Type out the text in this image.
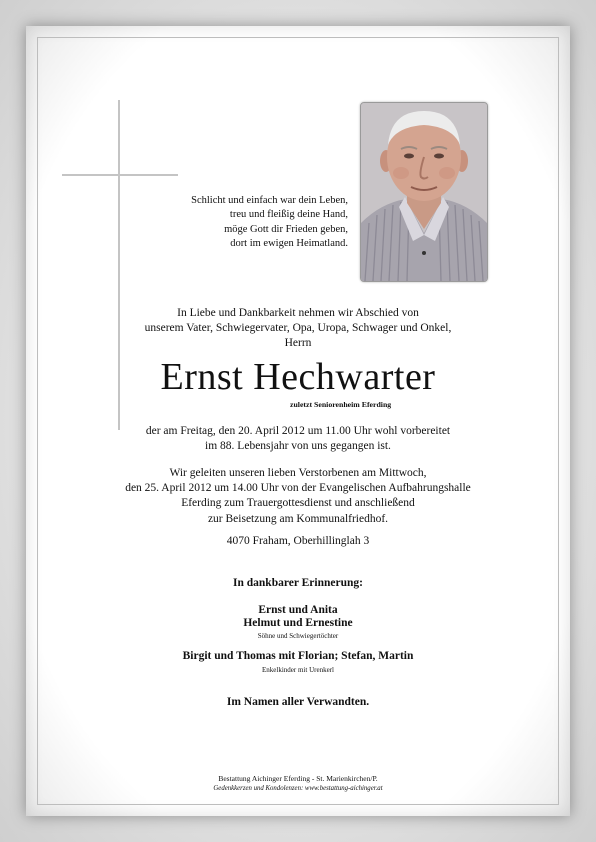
Schlicht und einfach war dein Leben,
treu und fleißig deine Hand,
möge Gott dir Frieden geben,
dort im ewigen Heimatland.
In Liebe und Dankbarkeit nehmen wir Abschied von
unserem Vater, Schwiegervater, Opa, Uropa, Schwager und Onkel,
Herrn
Ernst Hechwarter
zuletzt Seniorenheim Eferding
der am Freitag, den 20. April 2012 um 11.00 Uhr wohl vorbereitet
im 88. Lebensjahr von uns gegangen ist.
Wir geleiten unseren lieben Verstorbenen am Mittwoch,
den 25. April 2012 um 14.00 Uhr von der Evangelischen Aufbahrungshalle
Eferding zum Trauergottesdienst und anschließend
zur Beisetzung am Kommunalfriedhof.
4070 Fraham, Oberhillinglah 3
In dankbarer Erinnerung:
Ernst und Anita
Helmut und Ernestine
Söhne und Schwiegertöchter
Birgit und Thomas mit Florian; Stefan, Martin
Enkelkinder mit Urenkerl
Im Namen aller Verwandten.
Bestattung Aichinger Eferding - St. Marienkirchen/P.
Gedenkkerzen und Kondolenzen: www.bestattung-aichinger.at
